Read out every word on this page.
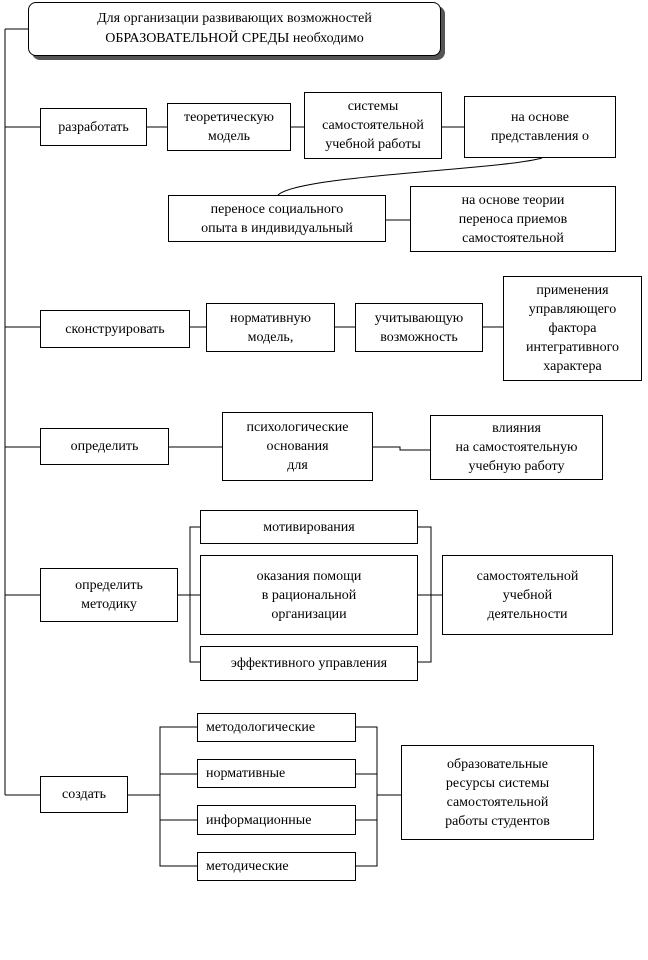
Для организации развивающих возможностей
ОБРАЗОВАТЕЛЬНОЙ СРЕДЫ необходимо
разработать
теоретическую
модель
системы
самостоятельной
учебной работы
на основе
представления о
переносе социального
опыта в индивидуальный
на основе теории
переноса приемов
самостоятельной
сконструировать
нормативную
модель,
учитывающую
возможность
применения
управляющего
фактора
интегративного
характера
определить
психологические
основания
для
влияния
на самостоятельную
учебную работу
определить
методику
мотивирования
оказания помощи
в рациональной
организации
эффективного управления
самостоятельной
учебной
деятельности
создать
методологические
нормативные
информационные
методические
образовательные
ресурсы системы
самостоятельной
работы студентов
